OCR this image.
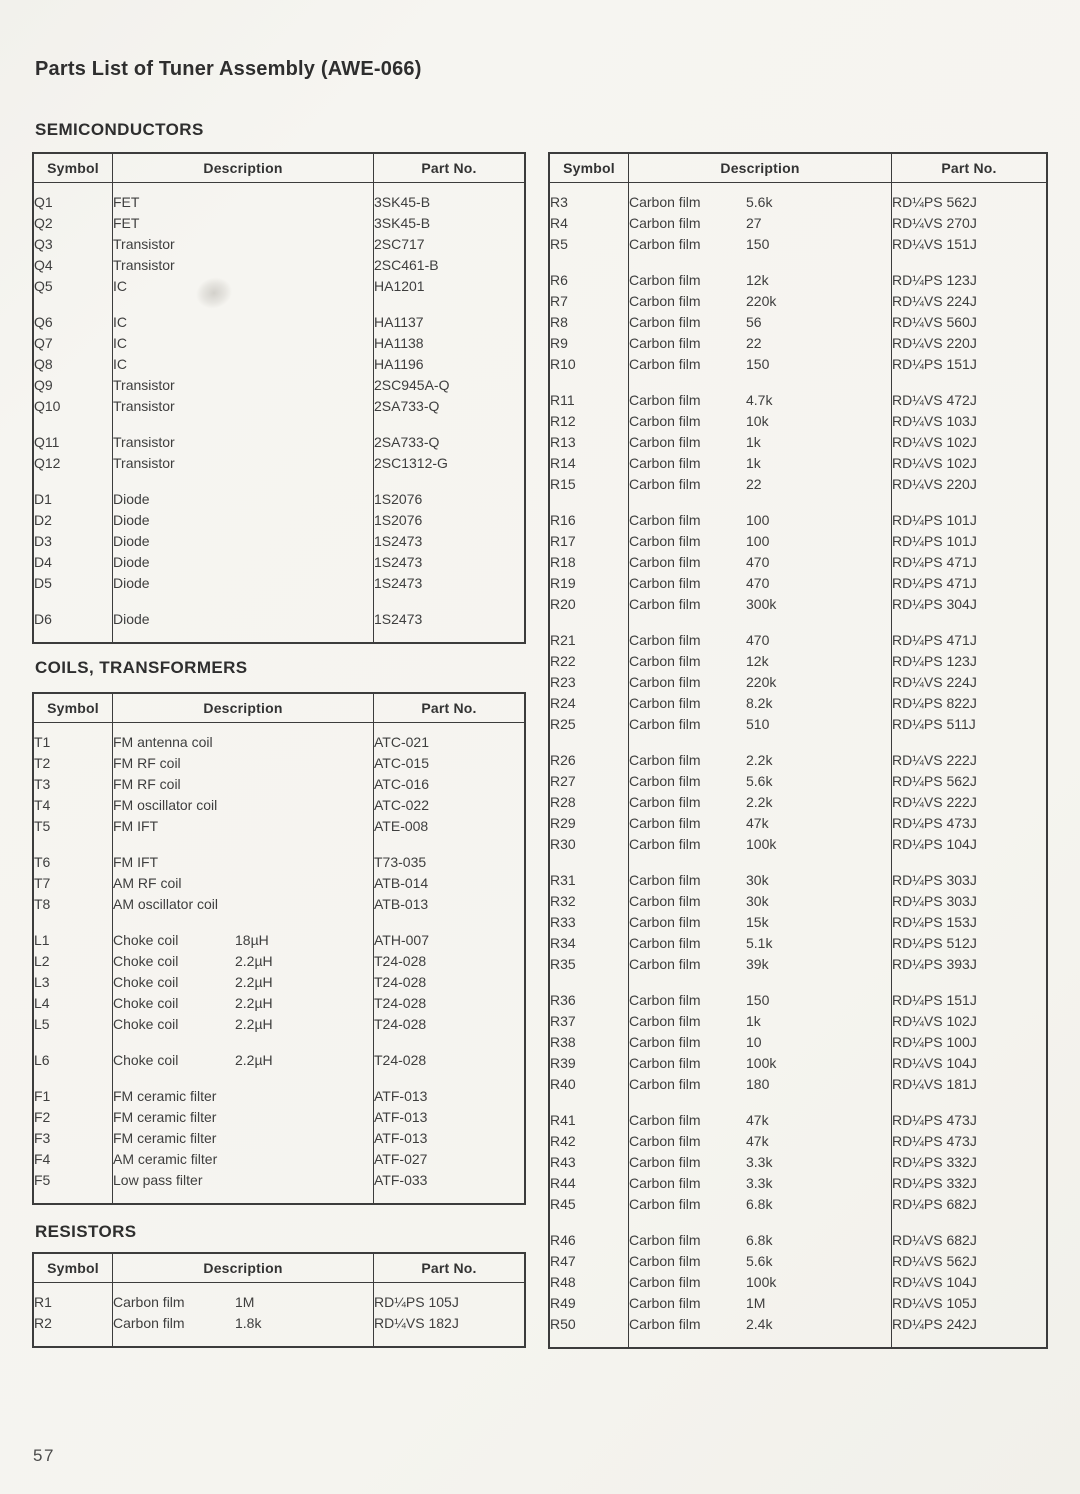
Parts List of Tuner Assembly (AWE-066)
SEMICONDUCTORS
Symbol	Description	Part No.

Q1	FET	3SK45-B
Q2	FET	3SK45-B
Q3	Transistor	2SC717
Q4	Transistor	2SC461-B
Q5	IC	HA1201

Q6	IC	HA1137
Q7	IC	HA1138
Q8	IC	HA1196
Q9	Transistor	2SC945A-Q
Q10	Transistor	2SA733-Q

Q11	Transistor	2SA733-Q
Q12	Transistor	2SC1312-G

D1	Diode	1S2076
D2	Diode	1S2076
D3	Diode	1S2473
D4	Diode	1S2473
D5	Diode	1S2473

D6	Diode	1S2473

COILS, TRANSFORMERS
Symbol	Description	Part No.

T1	FM antenna coil	ATC-021
T2	FM RF coil	ATC-015
T3	FM RF coil	ATC-016
T4	FM oscillator coil	ATC-022
T5	FM IFT	ATE-008

T6	FM IFT	T73-035
T7	AM RF coil	ATB-014
T8	AM oscillator coil	ATB-013

L1	Choke coil 18µH	ATH-007
L2	Choke coil 2.2µH	T24-028
L3	Choke coil 2.2µH	T24-028
L4	Choke coil 2.2µH	T24-028
L5	Choke coil 2.2µH	T24-028

L6	Choke coil 2.2µH	T24-028

F1	FM ceramic filter	ATF-013
F2	FM ceramic filter	ATF-013
F3	FM ceramic filter	ATF-013
F4	AM ceramic filter	ATF-027
F5	Low pass filter	ATF-033

RESISTORS
Symbol	Description	Part No.

R1	Carbon film 1M	RD¼PS 105J
R2	Carbon film 1.8k	RD¼VS 182J

Symbol	Description	Part No.

R3	Carbon film 5.6k	RD¼PS 562J
R4	Carbon film 27	RD¼VS 270J
R5	Carbon film 150	RD¼VS 151J

R6	Carbon film 12k	RD¼PS 123J
R7	Carbon film 220k	RD¼VS 224J
R8	Carbon film 56	RD¼VS 560J
R9	Carbon film 22	RD¼VS 220J
R10	Carbon film 150	RD¼PS 151J

R11	Carbon film 4.7k	RD¼VS 472J
R12	Carbon film 10k	RD¼VS 103J
R13	Carbon film 1k	RD¼VS 102J
R14	Carbon film 1k	RD¼VS 102J
R15	Carbon film 22	RD¼VS 220J

R16	Carbon film 100	RD¼PS 101J
R17	Carbon film 100	RD¼PS 101J
R18	Carbon film 470	RD¼PS 471J
R19	Carbon film 470	RD¼PS 471J
R20	Carbon film 300k	RD¼PS 304J

R21	Carbon film 470	RD¼PS 471J
R22	Carbon film 12k	RD¼PS 123J
R23	Carbon film 220k	RD¼VS 224J
R24	Carbon film 8.2k	RD¼PS 822J
R25	Carbon film 510	RD¼PS 511J

R26	Carbon film 2.2k	RD¼VS 222J
R27	Carbon film 5.6k	RD¼PS 562J
R28	Carbon film 2.2k	RD¼VS 222J
R29	Carbon film 47k	RD¼PS 473J
R30	Carbon film 100k	RD¼PS 104J

R31	Carbon film 30k	RD¼PS 303J
R32	Carbon film 30k	RD¼PS 303J
R33	Carbon film 15k	RD¼PS 153J
R34	Carbon film 5.1k	RD¼PS 512J
R35	Carbon film 39k	RD¼PS 393J

R36	Carbon film 150	RD¼PS 151J
R37	Carbon film 1k	RD¼VS 102J
R38	Carbon film 10	RD¼PS 100J
R39	Carbon film 100k	RD¼VS 104J
R40	Carbon film 180	RD¼VS 181J

R41	Carbon film 47k	RD¼PS 473J
R42	Carbon film 47k	RD¼PS 473J
R43	Carbon film 3.3k	RD¼PS 332J
R44	Carbon film 3.3k	RD¼PS 332J
R45	Carbon film 6.8k	RD¼PS 682J

R46	Carbon film 6.8k	RD¼VS 682J
R47	Carbon film 5.6k	RD¼VS 562J
R48	Carbon film 100k	RD¼VS 104J
R49	Carbon film 1M	RD¼VS 105J
R50	Carbon film 2.4k	RD¼PS 242J

57
